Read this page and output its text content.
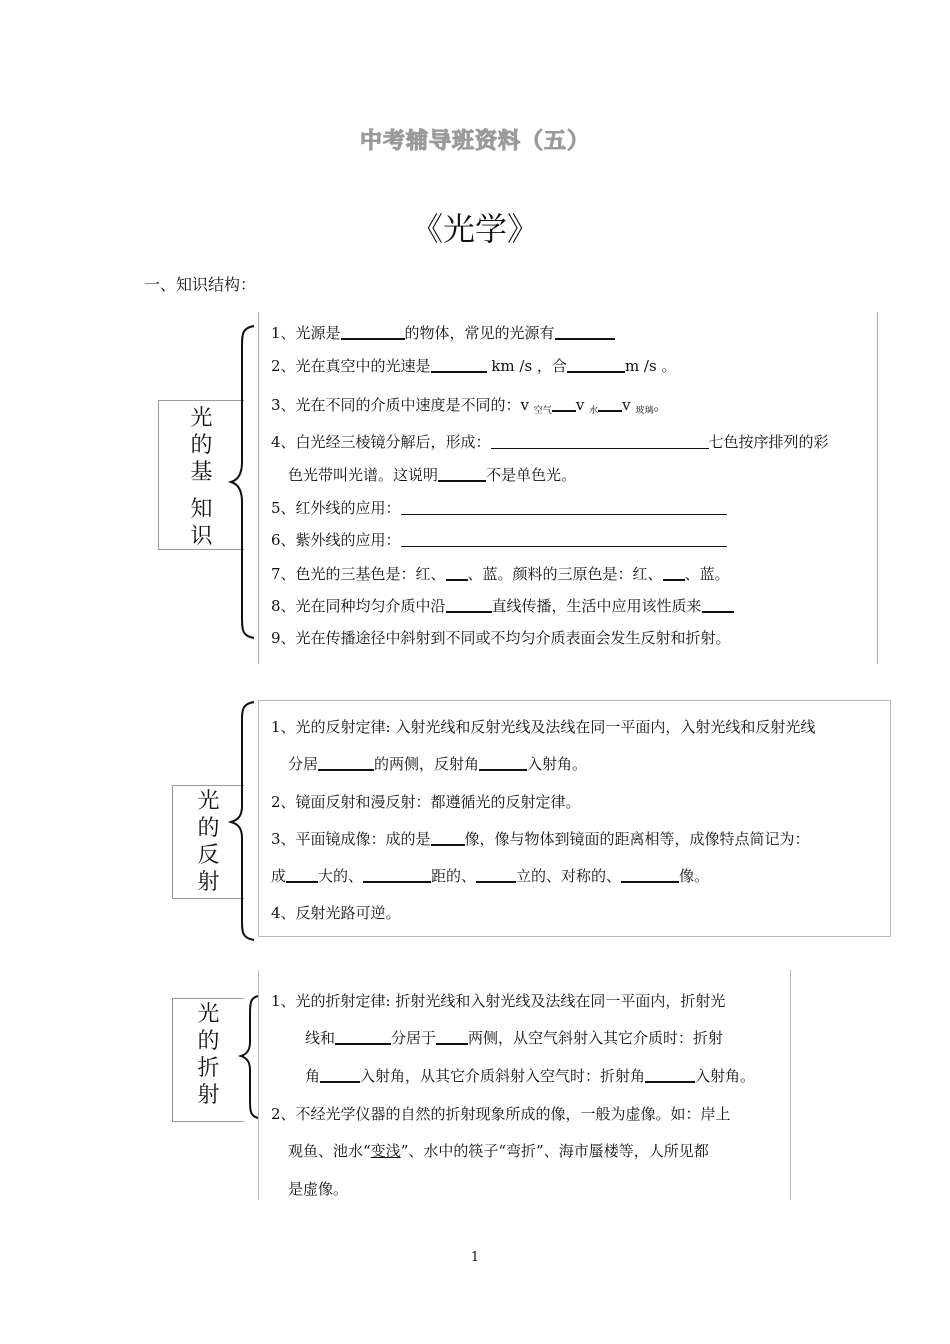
中考辅导班资料（五）
《光学》
一、知识结构：
光
的
基
知
识
1、光源是	的物体，常见的光源有
2、光在真空中的光速是	km /s ，合	m /s 。
3、光在不同的介质中速度是不同的：v $_{空气}$ v $_水$ v $_{玻璃}$。
4、白光经三棱镜分解后，形成：	七色按序排列的彩
色光带叫光谱。这说明	不是单色光。
5、红外线的应用：
6、紫外线的应用：
7、色光的三基色是：红、 、蓝。颜料的三原色是：红、 、蓝。
8、光在同种均匀介质中沿	直线传播，生活中应用该性质来
9、光在传播途径中斜射到不同或不均匀介质表面会发生反射和折射。
光
的
反
射
1、光的反射定律: 入射光线和反射光线及法线在同一平面内，入射光线和反射光线
分居	的两侧，反射角	入射角。
2、镜面反射和漫反射：都遵循光的反射定律。
3、平面镜成像：成的是 像，像与物体到镜面的距离相等，成像特点简记为：
成 大的、	距的、	立的、对称的、	像。
4、反射光路可逆。
光
的
折
射
1、光的折射定律: 折射光线和入射光线及法线在同一平面内，折射光
线和	分居于 两侧，从空气斜射入其它介质时：折射
角	入射角，从其它介质斜射入空气时：折射角	入射角。
2、不经光学仪器的自然的折射现象所成的像，一般为虚像。如：岸上
观鱼、池水“变浅”、水中的筷子“弯折”、海市蜃楼等，人所见都
是虚像。
1
